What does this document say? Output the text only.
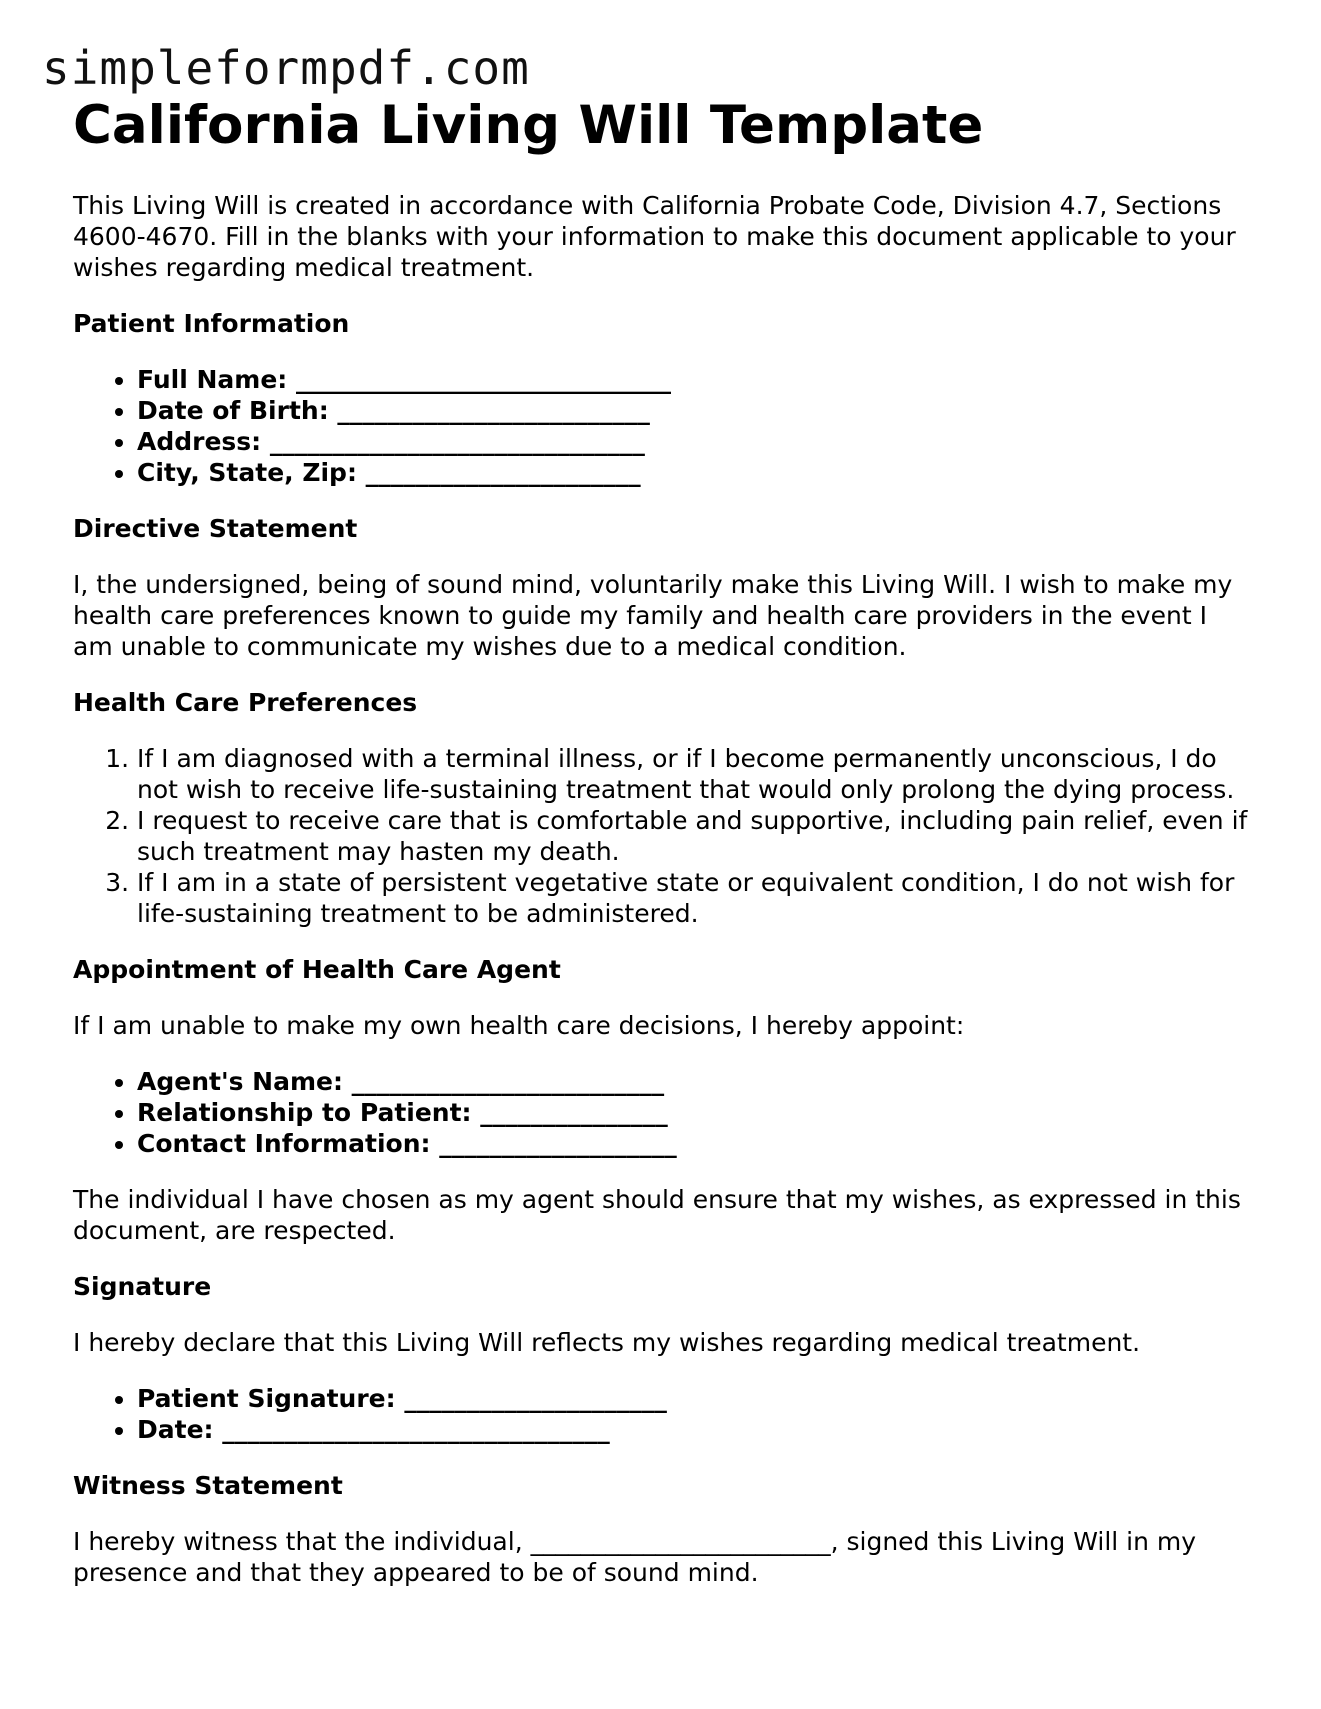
simpleformpdf.com
California Living Will Template

This Living Will is created in accordance with California Probate Code, Division 4.7, Sections 4600-4670. Fill in the blanks with your information to make this document applicable to your wishes regarding medical treatment.

Patient Information
• Full Name: ______________________________
• Date of Birth: _________________________
• Address: ______________________________
• City, State, Zip: ______________________
Directive Statement

I, the undersigned, being of sound mind, voluntarily make this Living Will. I wish to make my health care preferences known to guide my family and health care providers in the event I am unable to communicate my wishes due to a medical condition.

Health Care Preferences
1. If I am diagnosed with a terminal illness, or if I become permanently unconscious, I do not wish to receive life-sustaining treatment that would only prolong the dying process.
2. I request to receive care that is comfortable and supportive, including pain relief, even if such treatment may hasten my death.
3. If I am in a state of persistent vegetative state or equivalent condition, I do not wish for life-sustaining treatment to be administered.
Appointment of Health Care Agent

If I am unable to make my own health care decisions, I hereby appoint:

• Agent's Name: _________________________
• Relationship to Patient: _______________
• Contact Information: ___________________

The individual I have chosen as my agent should ensure that my wishes, as expressed in this document, are respected.

Signature

I hereby declare that this Living Will reflects my wishes regarding medical treatment.

• Patient Signature: _____________________
• Date: _______________________________
Witness Statement

I hereby witness that the individual, ________________________, signed this Living Will in my presence and that they appeared to be of sound mind.
